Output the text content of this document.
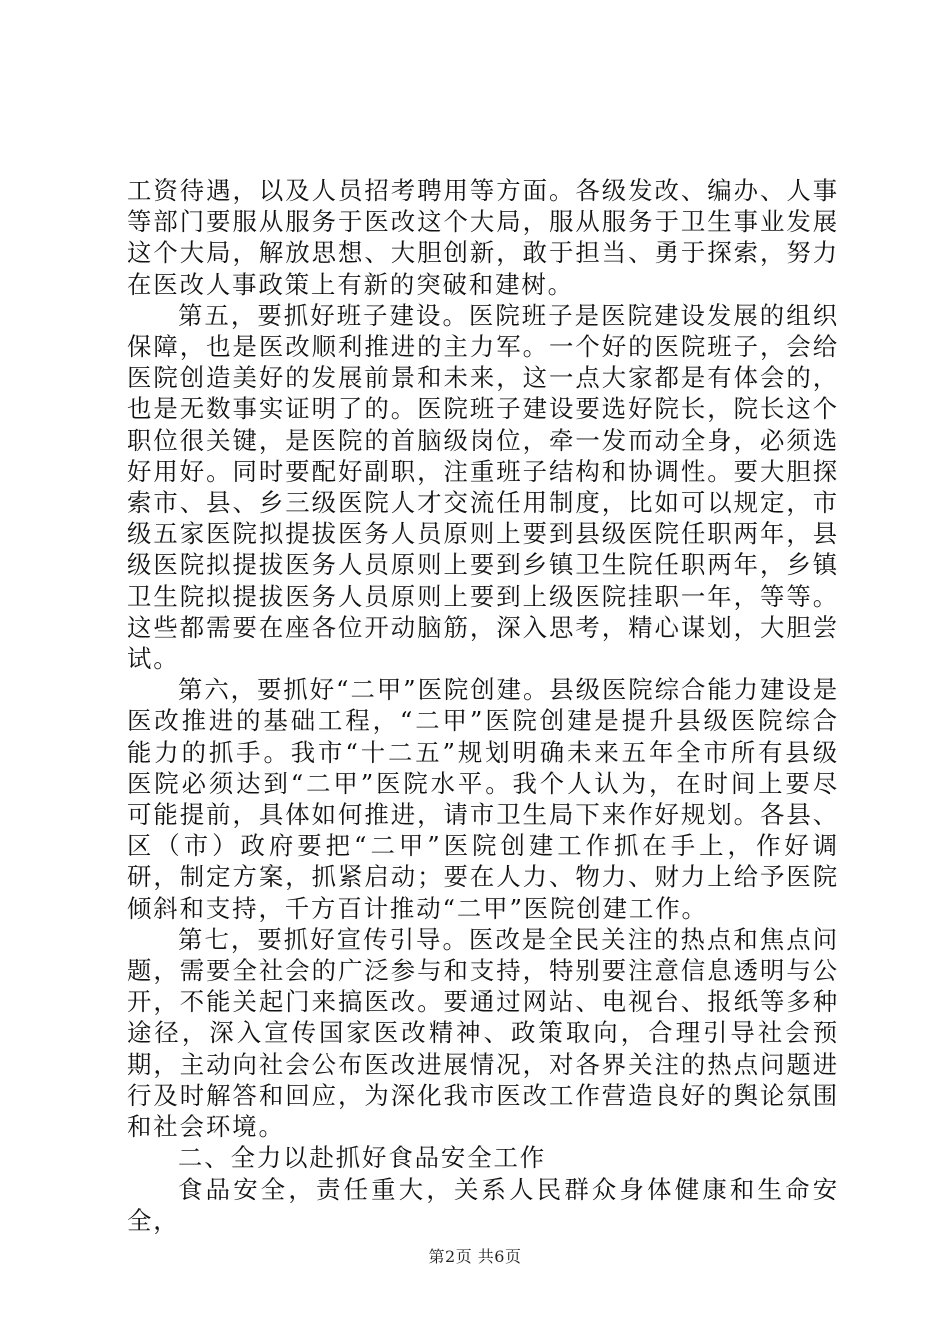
工资待遇，以及人员招考聘用等方面。各级发改、编办、人事等部门要服从服务于医改这个大局，服从服务于卫生事业发展这个大局，解放思想、大胆创新，敢于担当、勇于探索，努力在医改人事政策上有新的突破和建树。

第五，要抓好班子建设。医院班子是医院建设发展的组织保障，也是医改顺利推进的主力军。一个好的医院班子，会给医院创造美好的发展前景和未来，这一点大家都是有体会的，也是无数事实证明了的。医院班子建设要选好院长，院长这个职位很关键，是医院的首脑级岗位，牵一发而动全身，必须选好用好。同时要配好副职，注重班子结构和协调性。要大胆探索市、县、乡三级医院人才交流任用制度，比如可以规定，市级五家医院拟提拔医务人员原则上要到县级医院任职两年，县级医院拟提拔医务人员原则上要到乡镇卫生院任职两年，乡镇卫生院拟提拔医务人员原则上要到上级医院挂职一年，等等。这些都需要在座各位开动脑筋，深入思考，精心谋划，大胆尝试。

第六，要抓好“二甲”医院创建。县级医院综合能力建设是医改推进的基础工程，“二甲”医院创建是提升县级医院综合能力的抓手。我市“十二五”规划明确未来五年全市所有县级医院必须达到“二甲”医院水平。我个人认为，在时间上要尽可能提前，具体如何推进，请市卫生局下来作好规划。各县、区（市）政府要把“二甲”医院创建工作抓在手上，作好调研，制定方案，抓紧启动；要在人力、物力、财力上给予医院倾斜和支持，千方百计推动“二甲”医院创建工作。

第七，要抓好宣传引导。医改是全民关注的热点和焦点问题，需要全社会的广泛参与和支持，特别要注意信息透明与公开，不能关起门来搞医改。要通过网站、电视台、报纸等多种途径，深入宣传国家医改精神、政策取向，合理引导社会预期，主动向社会公布医改进展情况，对各界关注的热点问题进行及时解答和回应，为深化我市医改工作营造良好的舆论氛围和社会环境。

二、全力以赴抓好食品安全工作

食品安全，责任重大，关系人民群众身体健康和生命安全，

第2页 共6页
